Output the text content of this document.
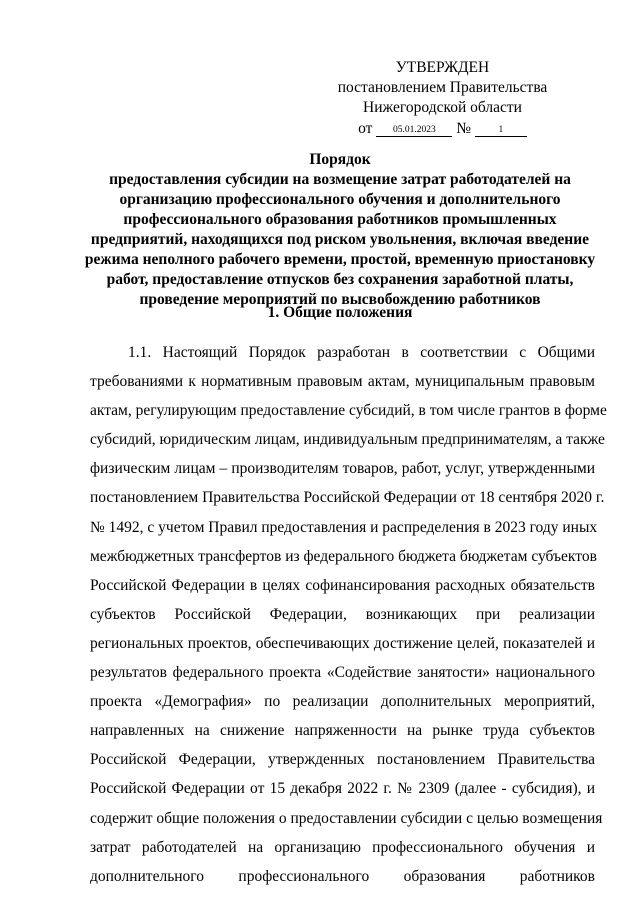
УТВЕРЖДЕН
постановлением Правительства
Нижегородской области
от 05.01.2023 №	1
Порядок
предоставления субсидии на возмещение затрат работодателей на
организацию профессионального обучения и дополнительного
профессионального образования работников промышленных
предприятий, находящихся под риском увольнения, включая введение
режима неполного рабочего времени, простой, временную приостановку
работ, предоставление отпусков без сохранения заработной платы,
проведение мероприятий по высвобождению работников
1. Общие положения
1.1. Настоящий Порядок разработан в соответствии с Общими
требованиями к нормативным правовым актам, муниципальным правовым
актам, регулирующим предоставление субсидий, в том числе грантов в форме
субсидий, юридическим лицам, индивидуальным предпринимателям, а также
физическим лицам – производителям товаров, работ, услуг, утвержденными
постановлением Правительства Российской Федерации от 18 сентября 2020 г.
№ 1492, с учетом Правил предоставления и распределения в 2023 году иных
межбюджетных трансфертов из федерального бюджета бюджетам субъектов
Российской Федерации в целях софинансирования расходных обязательств
субъектов Российской Федерации, возникающих при реализации
региональных проектов, обеспечивающих достижение целей, показателей и
результатов федерального проекта «Содействие занятости» национального
проекта «Демография» по реализации дополнительных мероприятий,
направленных на снижение напряженности на рынке труда субъектов
Российской Федерации, утвержденных постановлением Правительства
Российской Федерации от 15 декабря 2022 г. № 2309 (далее - субсидия), и
содержит общие положения о предоставлении субсидии с целью возмещения
затрат работодателей на организацию профессионального обучения и
дополнительного профессионального образования работников
